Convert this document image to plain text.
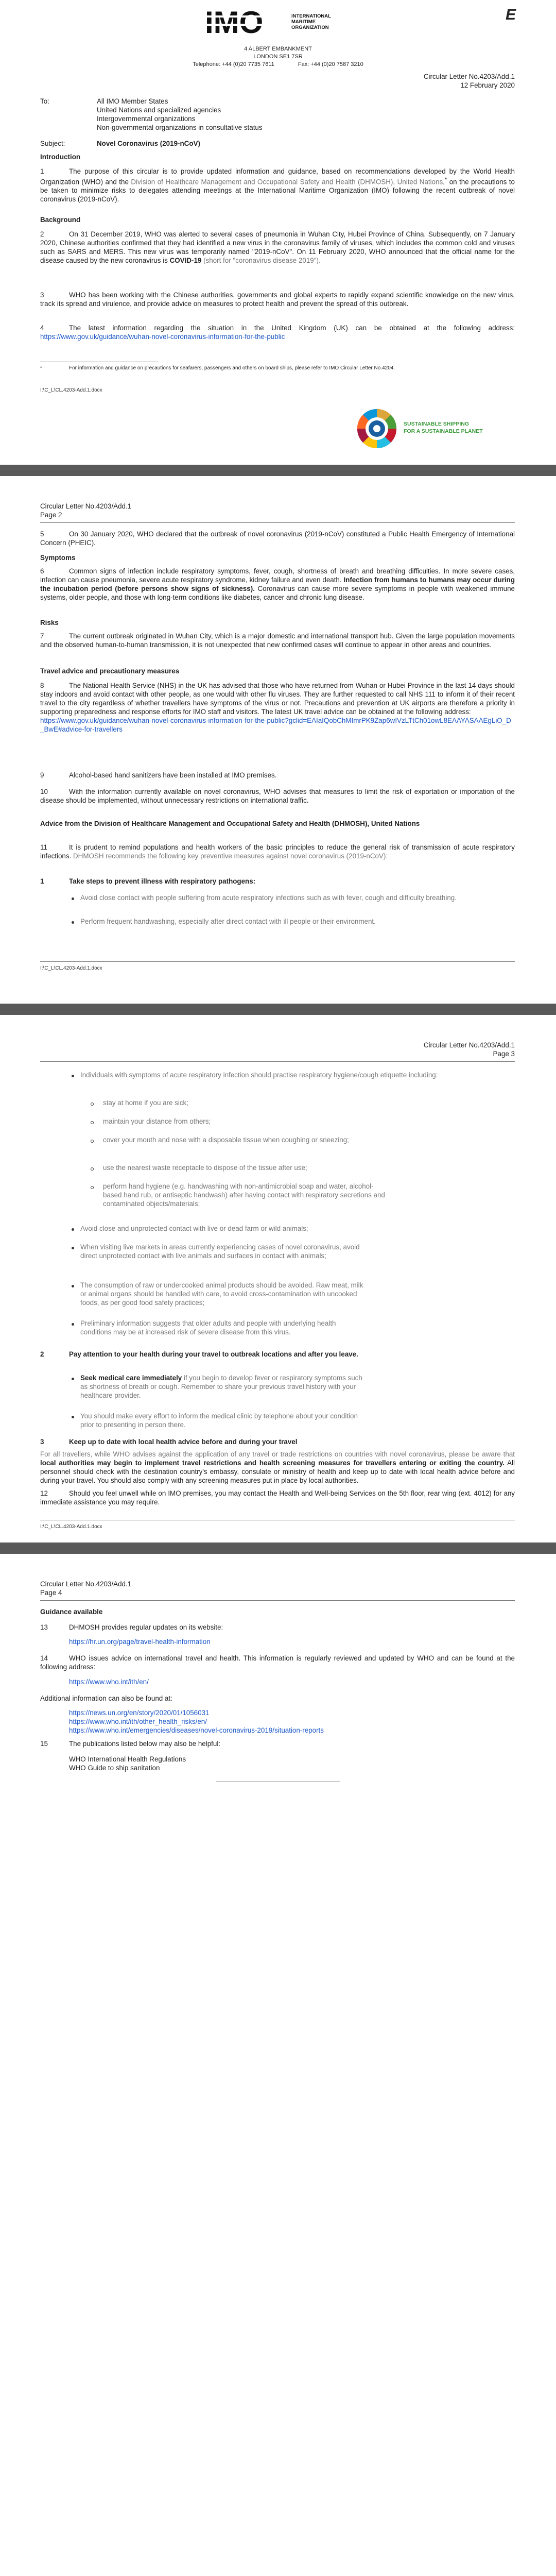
IMO	INTERNATIONAL
MARITIME
ORGANIZATION
E
4 ALBERT EMBANKMENT
LONDON SE1 7SR
Telephone: +44 (0)20 7735 7611	Fax: +44 (0)20 7587 3210
Circular Letter No.4203/Add.1
12 February 2020
To:	All IMO Member States
United Nations and specialized agencies
Intergovernmental organizations
Non-governmental organizations in consultative status
Subject:	Novel Coronavirus (2019-nCoV)
Introduction

1	The purpose of this circular is to provide updated information and guidance, based on recommendations developed by the World Health Organization (WHO) and the Division of Healthcare Management and Occupational Safety and Health (DHMOSH), United Nations,* on the precautions to be taken to minimize risks to delegates attending meetings at the International Maritime Organization (IMO) following the recent outbreak of novel coronavirus (2019-nCoV).

Background

2	On 31 December 2019, WHO was alerted to several cases of pneumonia in Wuhan City, Hubei Province of China. Subsequently, on 7 January 2020, Chinese authorities confirmed that they had identified a new virus in the coronavirus family of viruses, which includes the common cold and viruses such as SARS and MERS. This new virus was temporarily named "2019-nCoV". On 11 February 2020, WHO announced that the official name for the disease caused by the new coronavirus is COVID-19 (short for "coronavirus disease 2019").

3	WHO has been working with the Chinese authorities, governments and global experts to rapidly expand scientific knowledge on the new virus, track its spread and virulence, and provide advice on measures to protect health and prevent the spread of this outbreak.

4	The latest information regarding the situation in the United Kingdom (UK) can be obtained at the following address: https://www.gov.uk/guidance/wuhan-novel-coronavirus-information-for-the-public

*	For information and guidance on precautions for seafarers, passengers and others on board ships, please refer to IMO Circular Letter No.4204.
I:\C_L\CL.4203-Add.1.docx
SUSTAINABLE SHIPPING
FOR A SUSTAINABLE PLANET
Circular Letter No.4203/Add.1
Page 2

5	On 30 January 2020, WHO declared that the outbreak of novel coronavirus (2019-nCoV) constituted a Public Health Emergency of International Concern (PHEIC).

Symptoms

6	Common signs of infection include respiratory symptoms, fever, cough, shortness of breath and breathing difficulties. In more severe cases, infection can cause pneumonia, severe acute respiratory syndrome, kidney failure and even death. Infection from humans to humans may occur during the incubation period (before persons show signs of sickness). Coronavirus can cause more severe symptoms in people with weakened immune systems, older people, and those with long-term conditions like diabetes, cancer and chronic lung disease.

Risks

7	The current outbreak originated in Wuhan City, which is a major domestic and international transport hub. Given the large population movements and the observed human-to-human transmission, it is not unexpected that new confirmed cases will continue to appear in other areas and countries.

Travel advice and precautionary measures

8	The National Health Service (NHS) in the UK has advised that those who have returned from Wuhan or Hubei Province in the last 14 days should stay indoors and avoid contact with other people, as one would with other flu viruses. They are further requested to call NHS 111 to inform it of their recent travel to the city regardless of whether travellers have symptoms of the virus or not. Precautions and prevention at UK airports are therefore a priority in supporting preparedness and response efforts for IMO staff and visitors. The latest UK travel advice can be obtained at the following address:

https://www.gov.uk/guidance/wuhan-novel-coronavirus-information-for-the-public?gclid=EAIaIQobChMImrPK9Zap6wIVzLTtCh01owL8EAAYASAAEgLiO_D_BwE#advice-for-travellers

9	Alcohol-based hand sanitizers have been installed at IMO premises.

10	With the information currently available on novel coronavirus, WHO advises that measures to limit the risk of exportation or importation of the disease should be implemented, without unnecessary restrictions on international traffic.

Advice from the Division of Healthcare Management and Occupational Safety and Health (DHMOSH), United Nations

11	It is prudent to remind populations and health workers of the basic principles to reduce the general risk of transmission of acute respiratory infections. DHMOSH recommends the following key preventive measures against novel coronavirus (2019-nCoV):

1	Take steps to prevent illness with respiratory pathogens:
Avoid close contact with people suffering from acute respiratory infections such as with fever, cough and difficulty breathing.
Perform frequent handwashing, especially after direct contact with ill people or their environment.
I:\C_L\CL.4203-Add.1.docx
Circular Letter No.4203/Add.1
Page 3
Individuals with symptoms of acute respiratory infection should practise respiratory hygiene/cough etiquette including:
stay at home if you are sick;
maintain your distance from others;
cover your mouth and nose with a disposable tissue when coughing or sneezing;
use the nearest waste receptacle to dispose of the tissue after use;
perform hand hygiene (e.g. handwashing with non-antimicrobial soap and water, alcohol-based hand rub, or antiseptic handwash) after having contact with respiratory secretions and contaminated objects/materials;
Avoid close and unprotected contact with live or dead farm or wild animals;
When visiting live markets in areas currently experiencing cases of novel coronavirus, avoid direct unprotected contact with live animals and surfaces in contact with animals;
The consumption of raw or undercooked animal products should be avoided. Raw meat, milk or animal organs should be handled with care, to avoid cross-contamination with uncooked foods, as per good food safety practices;
Preliminary information suggests that older adults and people with underlying health conditions may be at increased risk of severe disease from this virus.
2	Pay attention to your health during your travel to outbreak locations and after you leave.
Seek medical care immediately if you begin to develop fever or respiratory symptoms such as shortness of breath or cough. Remember to share your previous travel history with your healthcare provider.
You should make every effort to inform the medical clinic by telephone about your condition prior to presenting in person there.
3	Keep up to date with local health advice before and during your travel

For all travellers, while WHO advises against the application of any travel or trade restrictions on countries with novel coronavirus, please be aware that local authorities may begin to implement travel restrictions and health screening measures for travellers entering or exiting the country. All personnel should check with the destination country's embassy, consulate or ministry of health and keep up to date with local health advice before and during your travel. You should also comply with any screening measures put in place by local authorities.

12	Should you feel unwell while on IMO premises, you may contact the Health and Well-being Services on the 5th floor, rear wing (ext. 4012) for any immediate assistance you may require.

I:\C_L\CL.4203-Add.1.docx
Circular Letter No.4203/Add.1
Page 4
Guidance available

13	DHMOSH provides regular updates on its website:

https://hr.un.org/page/travel-health-information

14	WHO issues advice on international travel and health. This information is regularly reviewed and updated by WHO and can be found at the following address:

https://www.who.int/ith/en/
Additional information can also be found at:
https://news.un.org/en/story/2020/01/1056031
https://www.who.int/ith/other_health_risks/en/
https://www.who.int/emergencies/diseases/novel-coronavirus-2019/situation-reports

15	The publications listed below may also be helpful:

WHO International Health Regulations
WHO Guide to ship sanitation
